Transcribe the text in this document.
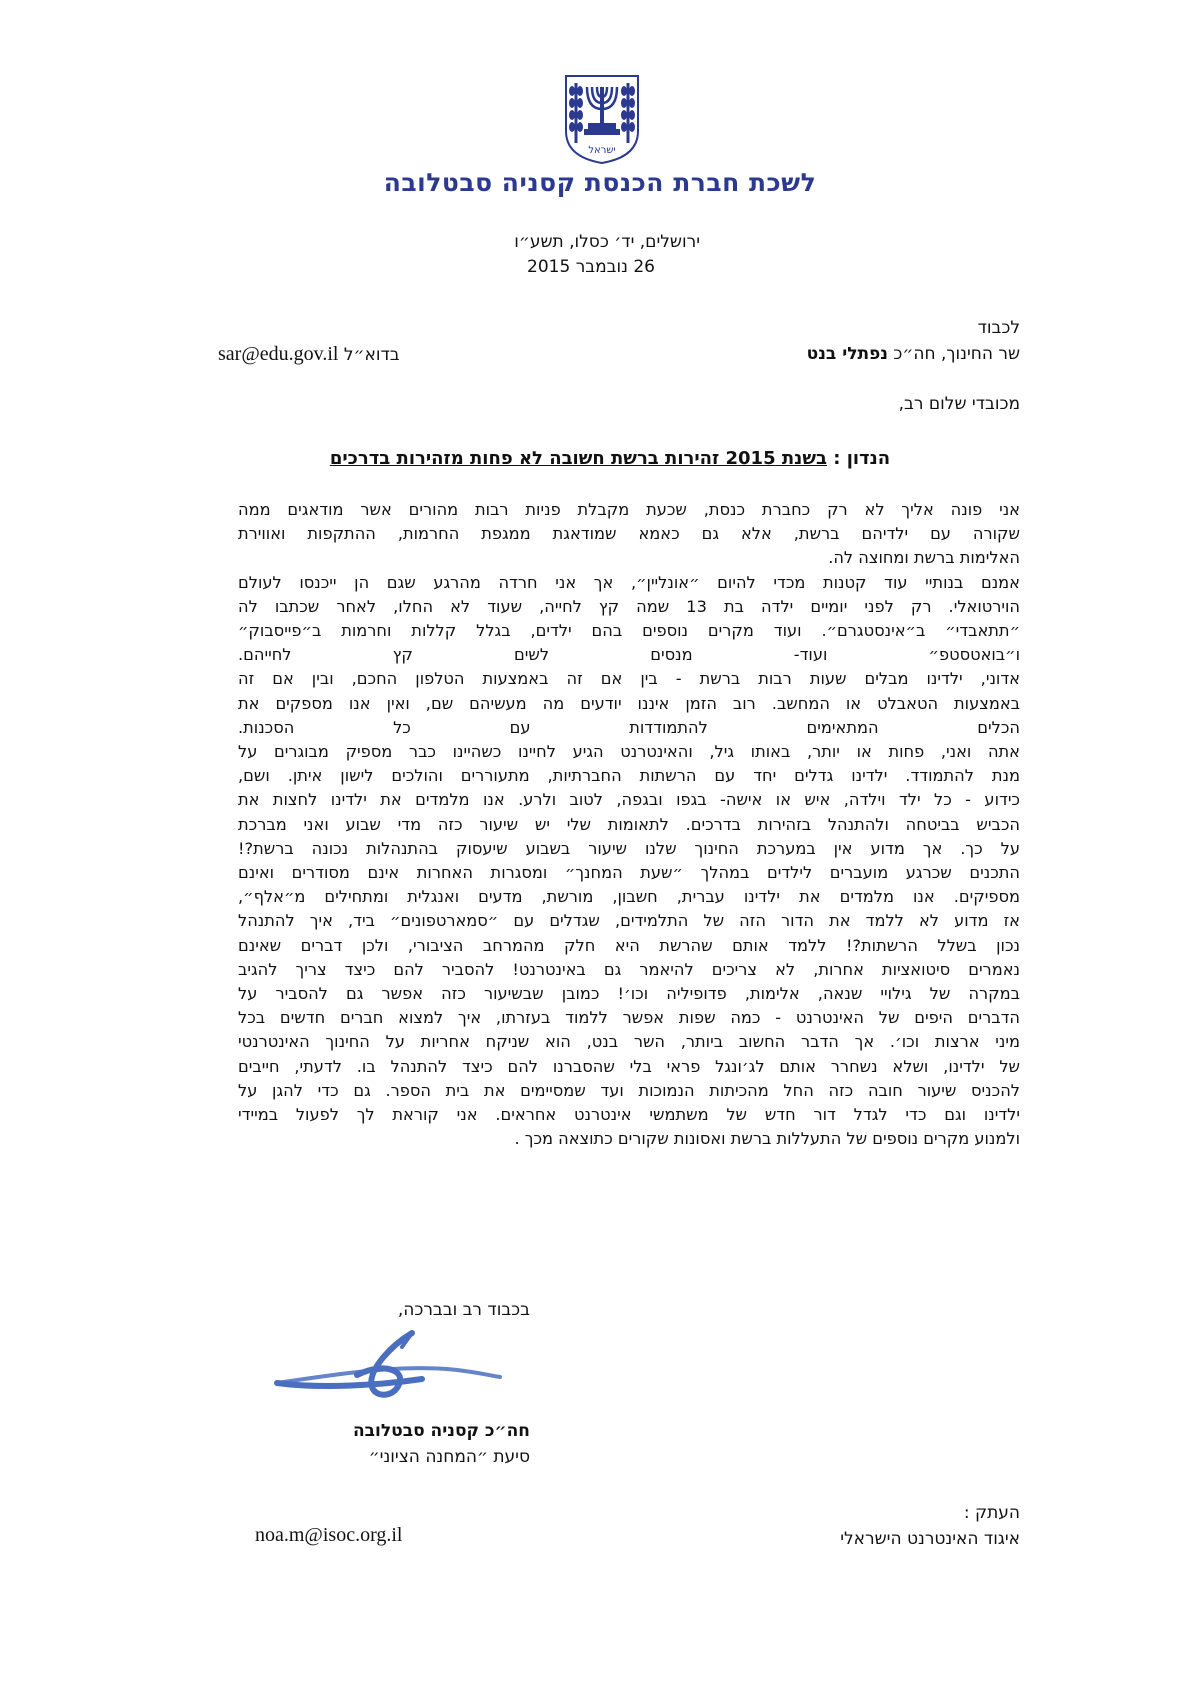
ישראל
לשכת חברת הכנסת קסניה סבטלובה
ירושלים, יד׳ כסלו, תשע״ו
26 נובמבר 2015
לכבוד
שר החינוך, חה״כ נפתלי בנט
בדוא״ל sar@edu.gov.il
מכובדי שלום רב,
הנדון : בשנת 2015 זהירות ברשת חשובה לא פחות מזהירות בדרכים
אני פונה אליך לא רק כחברת כנסת, שכעת מקבלת פניות רבות מהורים אשר מודאגים ממה
שקורה עם ילדיהם ברשת, אלא גם כאמא שמודאגת ממגפת החרמות, ההתקפות ואווירת
האלימות ברשת ומחוצה לה.
אמנם בנותיי עוד קטנות מכדי להיום ״אונליין״, אך אני חרדה מהרגע שגם הן ייכנסו לעולם
הוירטואלי. רק לפני יומיים ילדה בת 13 שמה קץ לחייה, שעוד לא החלו, לאחר שכתבו לה
״תתאבדי״ ב״אינסטגרם״. ועוד מקרים נוספים בהם ילדים, בגלל קללות וחרמות ב״פייסבוק״
ו״בואטסטפ״ ועוד- מנסים לשים קץ לחייהם.
אדוני, ילדינו מבלים שעות רבות ברשת - בין אם זה באמצעות הטלפון החכם, ובין אם זה
באמצעות הטאבלט או המחשב. רוב הזמן איננו יודעים מה מעשיהם שם, ואין אנו מספקים את
הכלים המתאימים להתמודדות עם כל הסכנות.
אתה ואני, פחות או יותר, באותו גיל, והאינטרנט הגיע לחיינו כשהיינו כבר מספיק מבוגרים על
מנת להתמודד. ילדינו גדלים יחד עם הרשתות החברתיות, מתעוררים והולכים לישון איתן. ושם,
כידוע - כל ילד וילדה, איש או אישה- בגפו ובגפה, לטוב ולרע. אנו מלמדים את ילדינו לחצות את
הכביש בביטחה ולהתנהל בזהירות בדרכים. לתאומות שלי יש שיעור כזה מדי שבוע ואני מברכת
על כך. אך מדוע אין במערכת החינוך שלנו שיעור בשבוע שיעסוק בהתנהלות נכונה ברשת?!
התכנים שכרגע מועברים לילדים במהלך ״שעת המחנך״ ומסגרות האחרות אינם מסודרים ואינם
מספיקים. אנו מלמדים את ילדינו עברית, חשבון, מורשת, מדעים ואנגלית ומתחילים מ״אלף״,
אז מדוע לא ללמד את הדור הזה של התלמידים, שגדלים עם ״סמארטפונים״ ביד, איך להתנהל
נכון בשלל הרשתות?! ללמד אותם שהרשת היא חלק מהמרחב הציבורי, ולכן דברים שאינם
נאמרים סיטואציות אחרות, לא צריכים להיאמר גם באינטרנט! להסביר להם כיצד צריך להגיב
במקרה של גילויי שנאה, אלימות, פדופיליה וכו׳! כמובן שבשיעור כזה אפשר גם להסביר על
הדברים היפים של האינטרנט - כמה שפות אפשר ללמוד בעזרתו, איך למצוא חברים חדשים בכל
מיני ארצות וכו׳. אך הדבר החשוב ביותר, השר בנט, הוא שניקח אחריות על החינוך האינטרנטי
של ילדינו, ושלא נשחרר אותם לג׳ונגל פראי בלי שהסברנו להם כיצד להתנהל בו. לדעתי, חייבים
להכניס שיעור חובה כזה החל מהכיתות הנמוכות ועד שמסיימים את בית הספר. גם כדי להגן על
ילדינו וגם כדי לגדל דור חדש של משתמשי אינטרנט אחראים. אני קוראת לך לפעול במיידי
ולמנוע מקרים נוספים של התעללות ברשת ואסונות שקורים כתוצאה מכך .
בכבוד רב ובברכה,
חה״כ קסניה סבטלובה
סיעת ״המחנה הציוני״
העתק :
איגוד האינטרנט הישראלי
noa.m@isoc.org.il
